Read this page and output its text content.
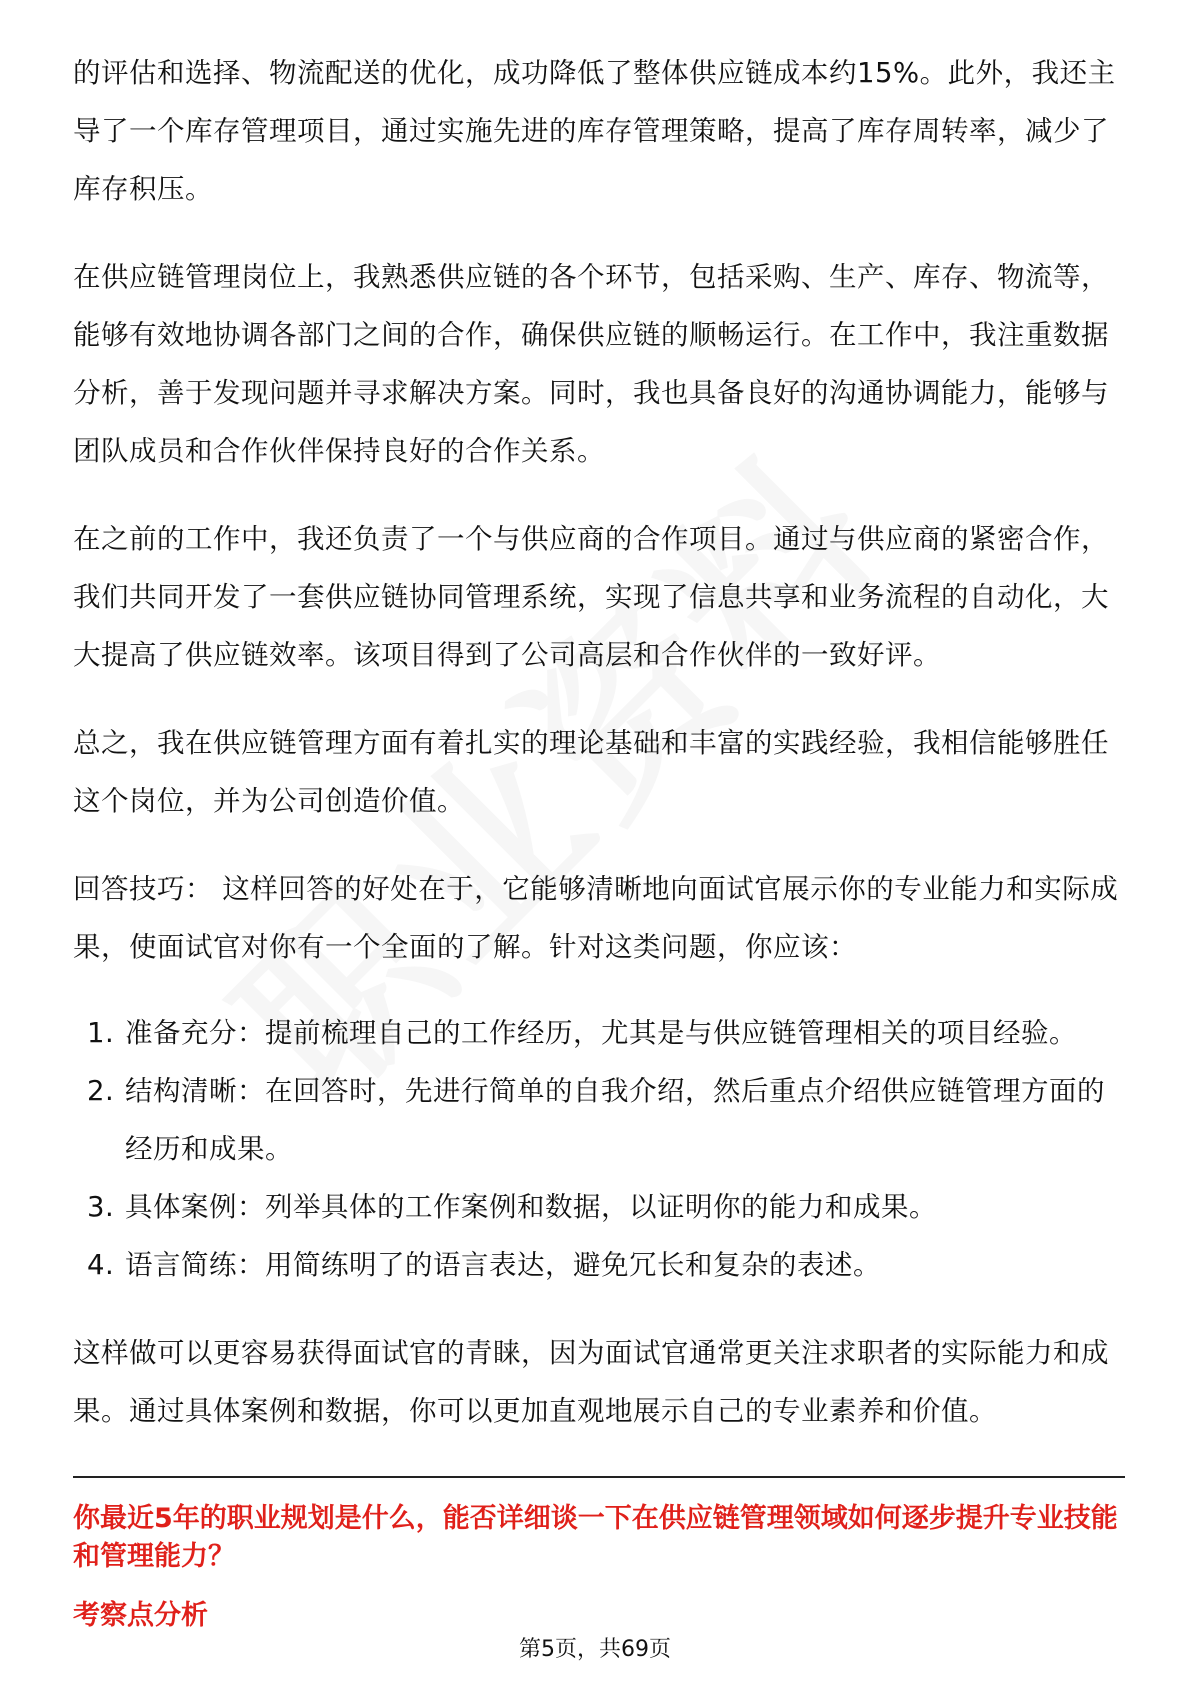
的评估和选择、物流配送的优化，成功降低了整体供应链成本约15%。此外，我还主导了一个库存管理项目，通过实施先进的库存管理策略，提高了库存周转率，减少了库存积压。

在供应链管理岗位上，我熟悉供应链的各个环节，包括采购、生产、库存、物流等，能够有效地协调各部门之间的合作，确保供应链的顺畅运行。在工作中，我注重数据分析，善于发现问题并寻求解决方案。同时，我也具备良好的沟通协调能力，能够与团队成员和合作伙伴保持良好的合作关系。

在之前的工作中，我还负责了一个与供应商的合作项目。通过与供应商的紧密合作，我们共同开发了一套供应链协同管理系统，实现了信息共享和业务流程的自动化，大大提高了供应链效率。该项目得到了公司高层和合作伙伴的一致好评。

总之，我在供应链管理方面有着扎实的理论基础和丰富的实践经验，我相信能够胜任这个岗位，并为公司创造价值。

回答技巧： 这样回答的好处在于，它能够清晰地向面试官展示你的专业能力和实际成果，使面试官对你有一个全面的了解。针对这类问题，你应该：

1. 准备充分：提前梳理自己的工作经历，尤其是与供应链管理相关的项目经验。
2. 结构清晰：在回答时，先进行简单的自我介绍，然后重点介绍供应链管理方面的经历和成果。
3. 具体案例：列举具体的工作案例和数据，以证明你的能力和成果。
4. 语言简练：用简练明了的语言表达，避免冗长和复杂的表述。

这样做可以更容易获得面试官的青睐，因为面试官通常更关注求职者的实际能力和成果。通过具体案例和数据，你可以更加直观地展示自己的专业素养和价值。

你最近5年的职业规划是什么，能否详细谈一下在供应链管理领域如何逐步提升专业技能和管理能力？

考察点分析

第5页，共69页
